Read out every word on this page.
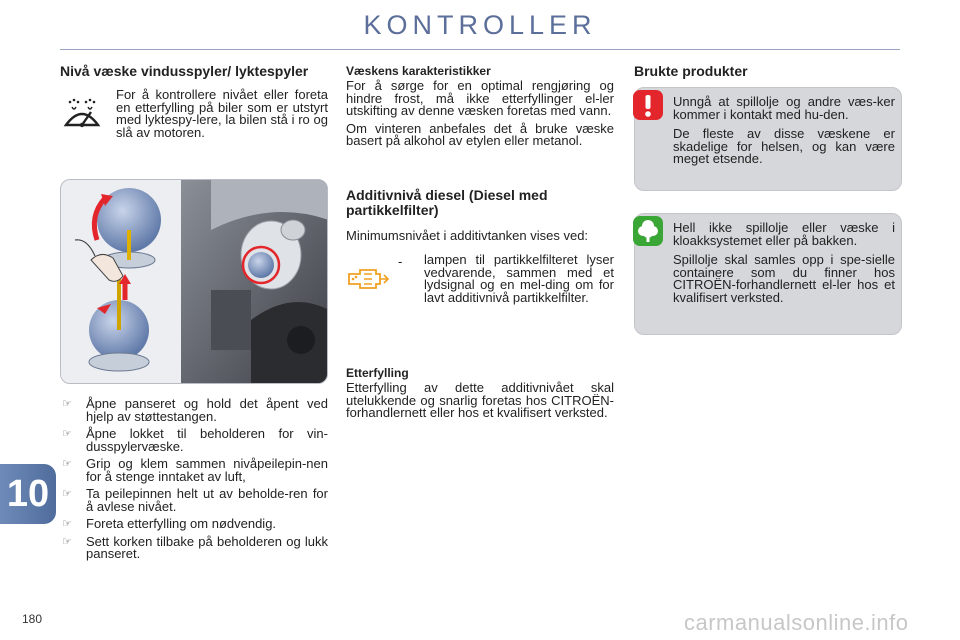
KONTROLLER
Nivå væske vindusspyler/ lyktespyler

For å kontrollere nivået eller foreta en etterfylling på biler som er utstyrt med lyktespy-lere, la bilen stå i ro og slå av motoren.

☞ Åpne panseret og hold det åpent ved hjelp av støttestangen.
☞ Åpne lokket til beholderen for vin-dusspylervæske.
☞ Grip og klem sammen nivåpeilepin-nen for å stenge inntaket av luft,
☞ Ta peilepinnen helt ut av beholde-ren for å avlese nivået.
☞ Foreta etterfylling om nødvendig.
☞ Sett korken tilbake på beholderen og lukk panseret.
Væskens karakteristikker

For å sørge for en optimal rengjøring og hindre frost, må ikke etterfyllinger el-ler utskifting av denne væsken foretas med vann.

Om vinteren anbefales det å bruke væske basert på alkohol av etylen eller metanol.

Additivnivå diesel (Diesel med partikkelfilter)

Minimumsnivået i additivtanken vises ved:

- lampen til partikkelfilteret lyser vedvarende, sammen med et lydsignal og en mel-ding om for lavt additivnivå partikkelfilter.

Etterfylling

Etterfylling av dette additivnivået skal utelukkende og snarlig foretas hos CITROËN-forhandlernett eller hos et kvalifisert verksted.

Brukte produkter

Unngå at spillolje og andre væs-ker kommer i kontakt med hu-den.

De fleste av disse væskene er skadelige for helsen, og kan være meget etsende.

Hell ikke spillolje eller væske i kloakksystemet eller på bakken.

Spillolje skal samles opp i spe-sielle containere som du finner hos CITROËN-forhandlernett el-ler hos et kvalifisert verksted.

10
180	carmanualsonline.info
